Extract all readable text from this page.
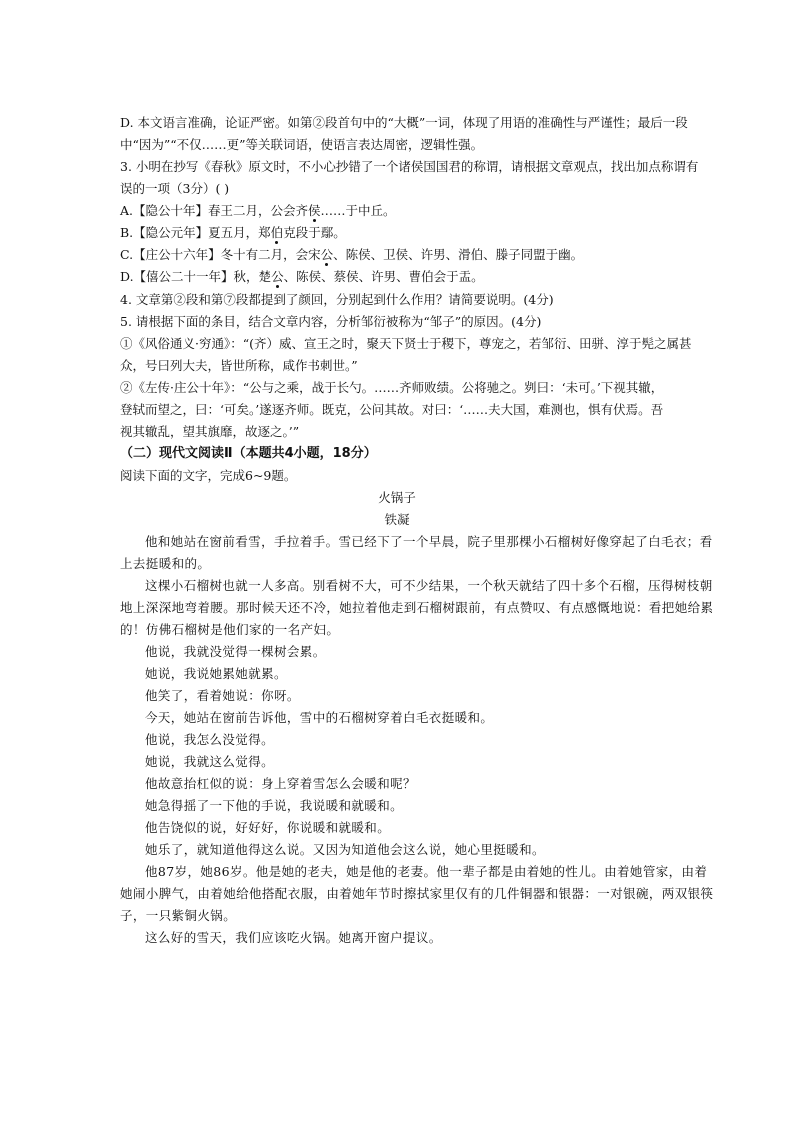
D. 本文语言准确，论证严密。如第②段首句中的“大概”一词，体现了用语的准确性与严谨性；最后一段
中“因为”“不仅……更”等关联词语，使语言表达周密，逻辑性强。
3. 小明在抄写《春秋》原文时，不小心抄错了一个诸侯国国君的称谓，请根据文章观点，找出加点称谓有
误的一项（3分）( )
A.【隐公十年】春王二月，公会齐侯……于中丘。
B.【隐公元年】夏五月，郑伯克段于鄢。
C.【庄公十六年】冬十有二月，会宋公、陈侯、卫侯、许男、滑伯、滕子同盟于幽。
D.【僖公二十一年】秋，楚公、陈侯、蔡侯、许男、曹伯会于盂。
4. 文章第②段和第⑦段都提到了颜回，分别起到什么作用？请简要说明。(4分)
5. 请根据下面的条目，结合文章内容，分析邹衍被称为“邹子”的原因。(4分)
①《风俗通义·穷通》：“(齐）威、宣王之时，聚天下贤士于稷下，尊宠之，若邹衍、田骈、淳于髡之属甚
众，号曰列大夫，皆世所称，咸作书刺世。”
②《左传·庄公十年》：“公与之乘，战于长勺。……齐师败绩。公将驰之。刿曰：‘未可。’下视其辙，
登轼而望之，曰：‘可矣。’遂逐齐师。既克，公问其故。对曰：‘……夫大国，难测也，惧有伏焉。吾
视其辙乱，望其旗靡，故逐之。’”
（二）现代文阅读Ⅱ（本题共4小题，18分）
阅读下面的文字，完成6~9题。
火锅子
铁凝
他和她站在窗前看雪，手拉着手。雪已经下了一个早晨，院子里那棵小石榴树好像穿起了白毛衣；看
上去挺暖和的。
这棵小石榴树也就一人多高。别看树不大，可不少结果，一个秋天就结了四十多个石榴，压得树枝朝
地上深深地弯着腰。那时候天还不冷，她拉着他走到石榴树跟前，有点赞叹、有点感慨地说：看把她给累
的！仿佛石榴树是他们家的一名产妇。
他说，我就没觉得一棵树会累。
她说，我说她累她就累。
他笑了，看着她说：你呀。
今天，她站在窗前告诉他，雪中的石榴树穿着白毛衣挺暖和。
他说，我怎么没觉得。
她说，我就这么觉得。
他故意抬杠似的说：身上穿着雪怎么会暖和呢？
她急得摇了一下他的手说，我说暖和就暖和。
他告饶似的说，好好好，你说暖和就暖和。
她乐了，就知道他得这么说。又因为知道他会这么说，她心里挺暖和。
他87岁，她86岁。他是她的老夫，她是他的老妻。他一辈子都是由着她的性儿。由着她管家，由着
她闹小脾气，由着她给他搭配衣服，由着她年节时擦拭家里仅有的几件铜器和银器：一对银碗，两双银筷
子，一只紫铜火锅。
这么好的雪天，我们应该吃火锅。她离开窗户提议。
